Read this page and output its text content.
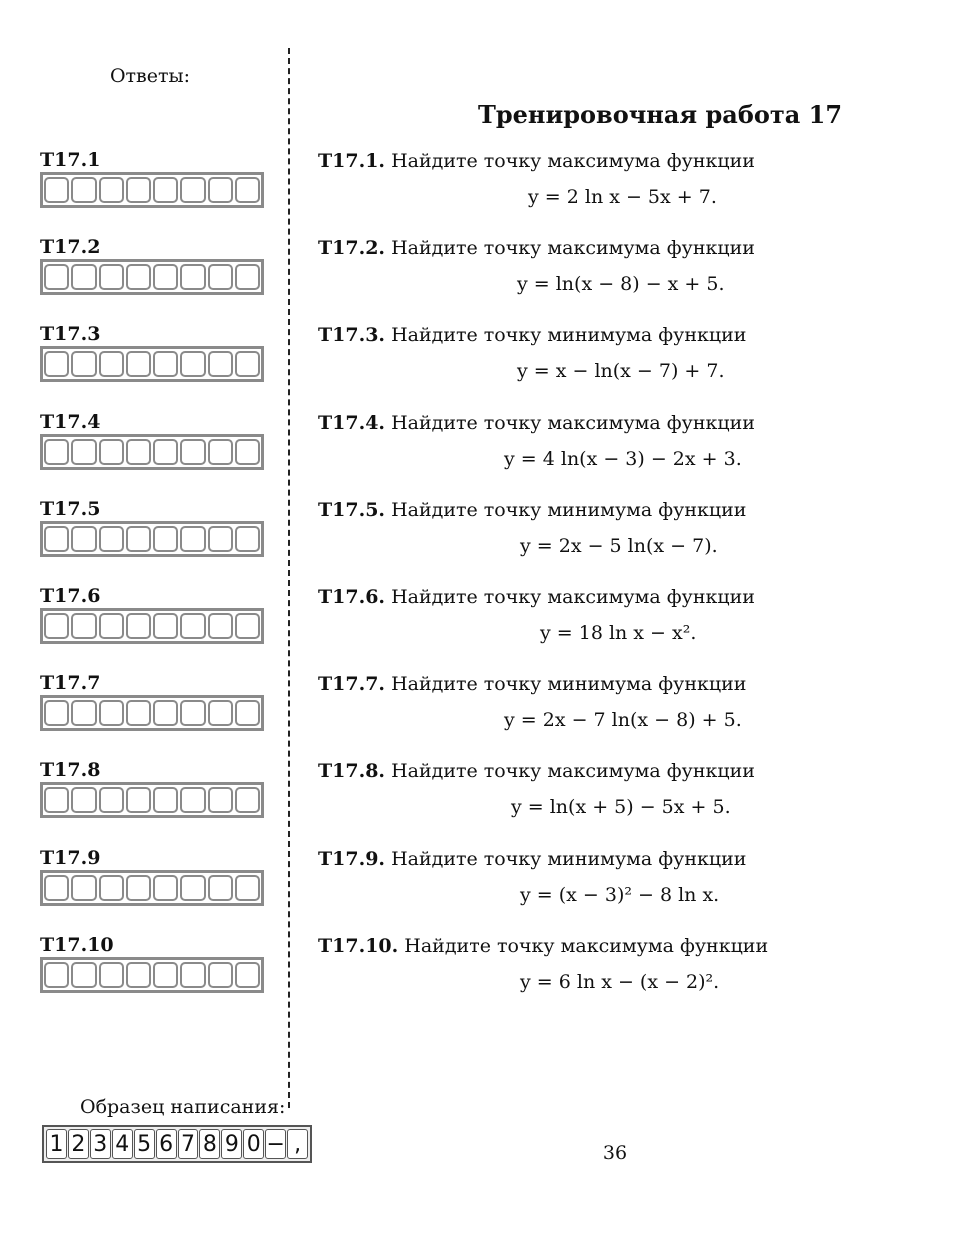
Ответы:
Тренировочная работа 17
T17.1
T17.2
T17.3
T17.4
T17.5
T17.6
T17.7
T17.8
T17.9
T17.10
T17.1. Найдите точку максимума функции
y = 2 ln x − 5x + 7.
T17.2. Найдите точку максимума функции
y = ln(x − 8) − x + 5.
T17.3. Найдите точку минимума функции
y = x − ln(x − 7) + 7.
T17.4. Найдите точку максимума функции
y = 4 ln(x − 3) − 2x + 3.
T17.5. Найдите точку минимума функции
y = 2x − 5 ln(x − 7).
T17.6. Найдите точку максимума функции
y = 18 ln x − x².
T17.7. Найдите точку минимума функции
y = 2x − 7 ln(x − 8) + 5.
T17.8. Найдите точку максимума функции
y = ln(x + 5) − 5x + 5.
T17.9. Найдите точку минимума функции
y = (x − 3)² − 8 ln x.
T17.10. Найдите точку максимума функции
y = 6 ln x − (x − 2)².
Образец написания:
1 2 3 4 5 6 7 8 9 0 − ,	36
